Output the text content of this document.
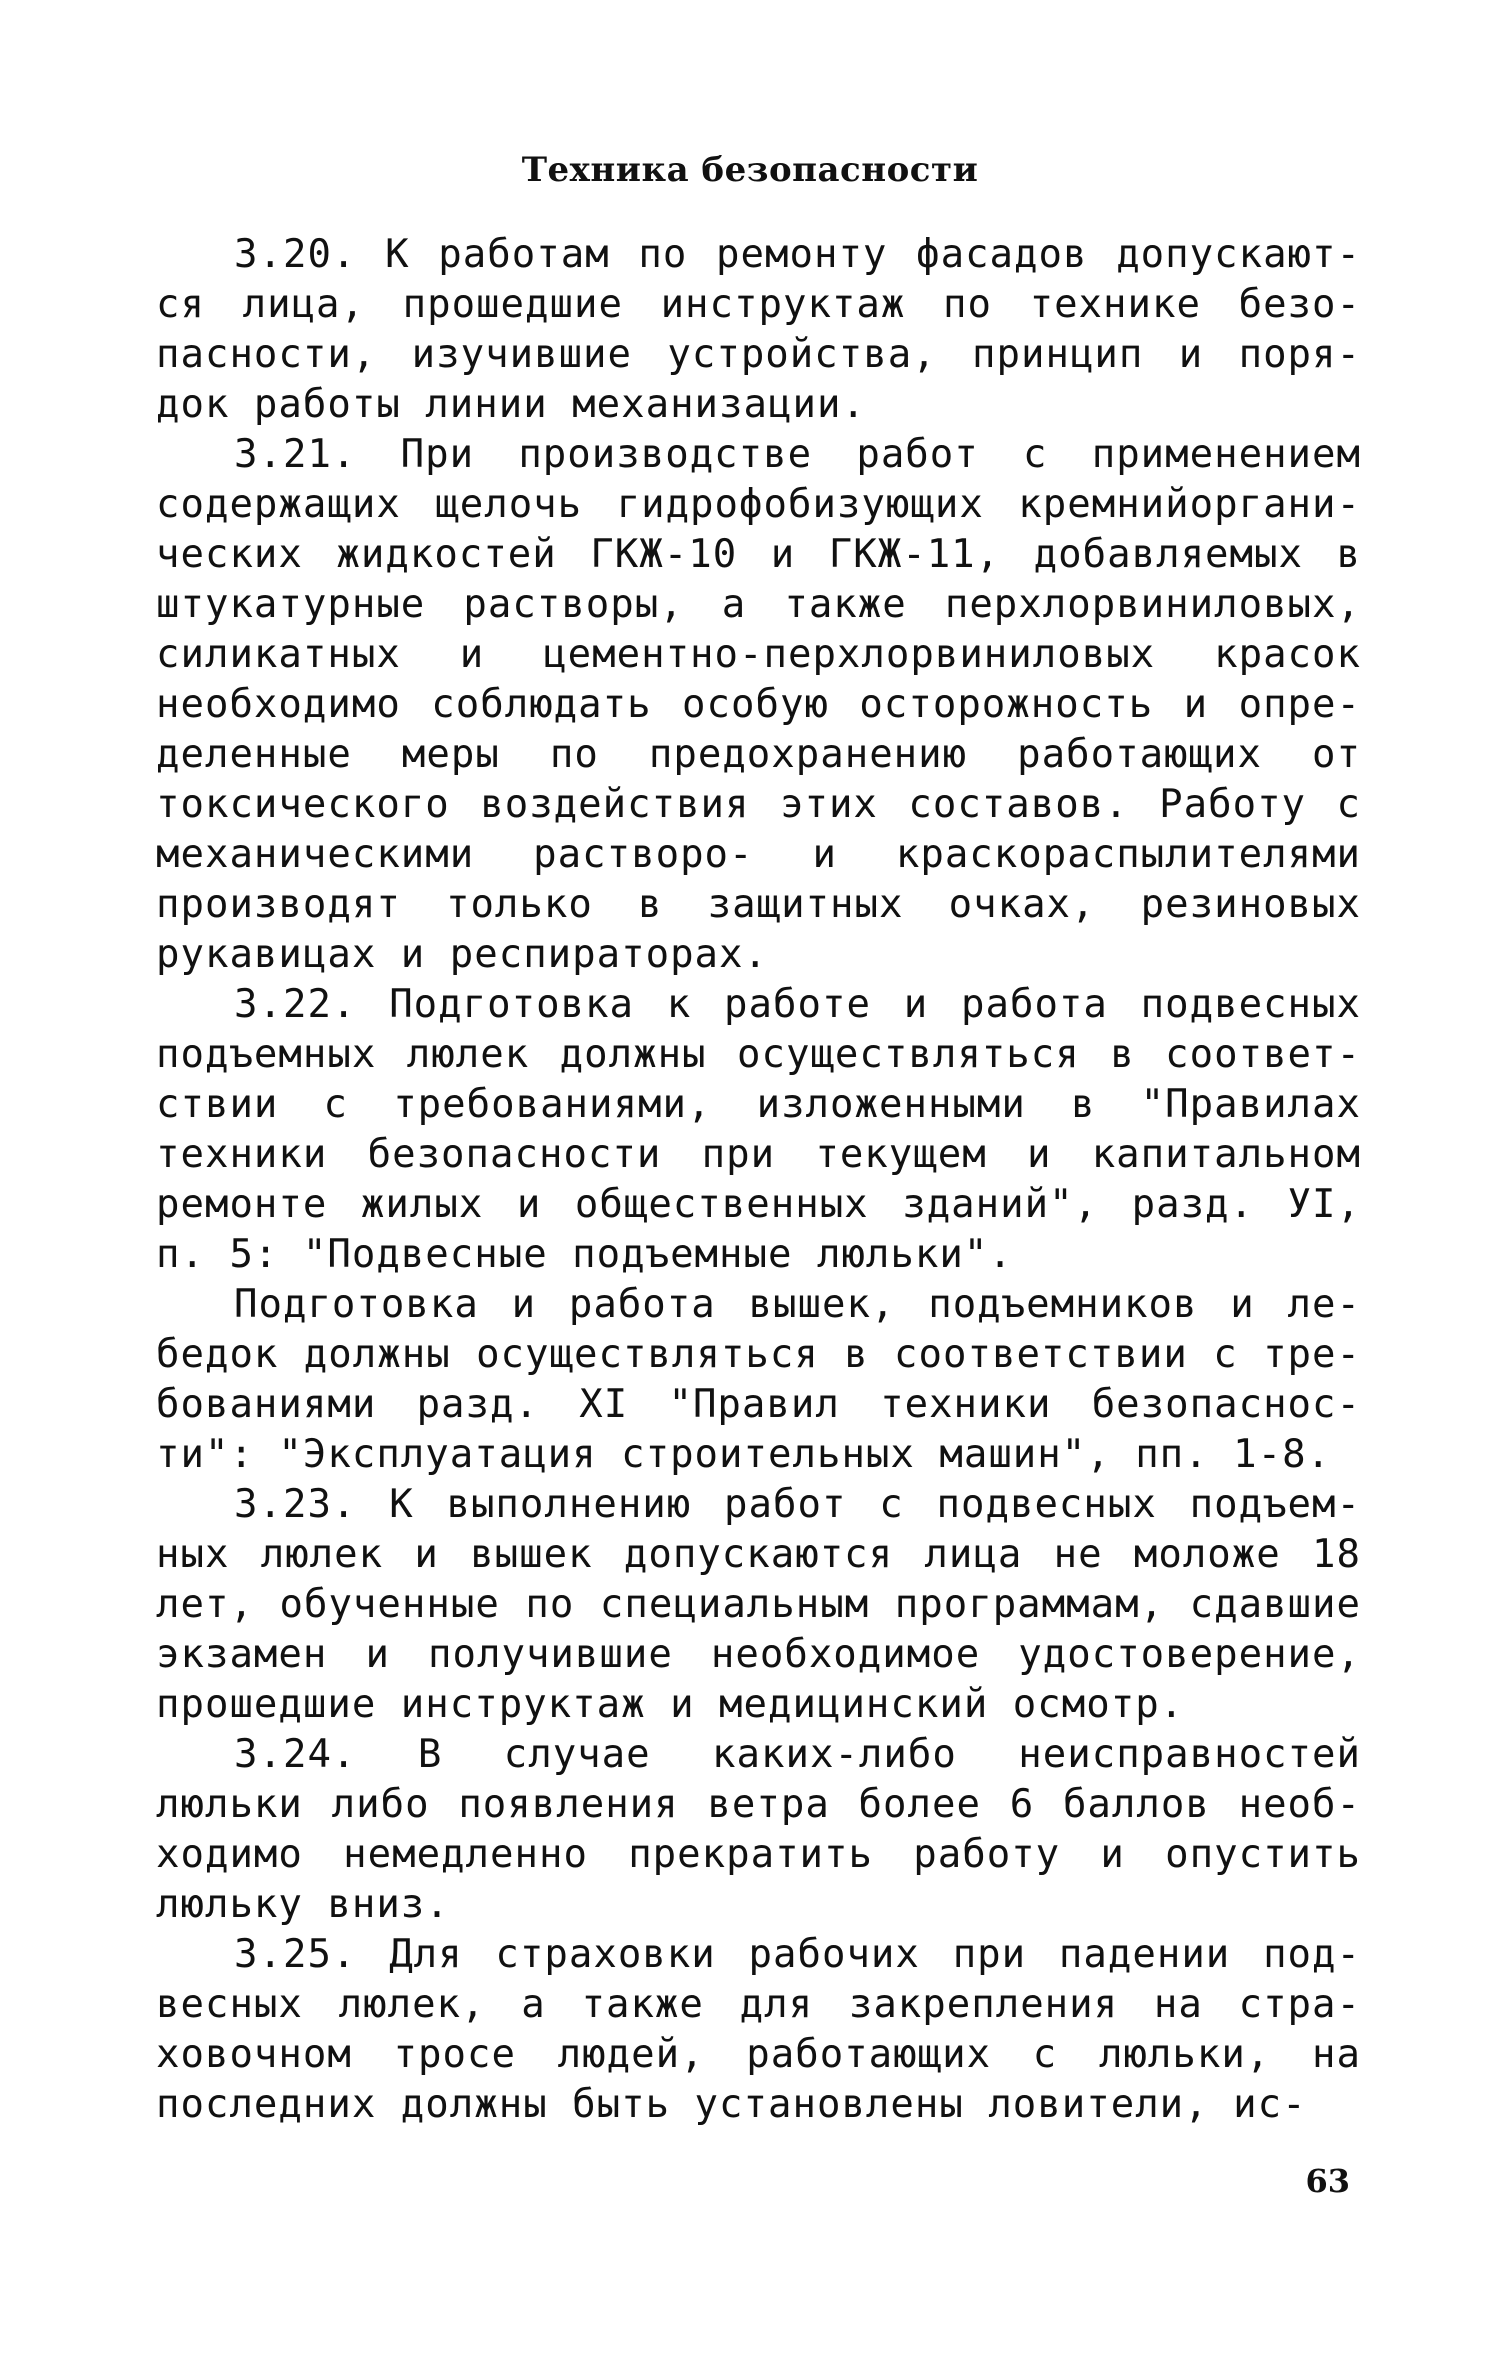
Техника безопасности

3.20. К работам по ремонту фасадов допускают-ся лица, прошедшие инструктаж по технике безо-пасности, изучившие устройства, принцип и поря-док работы линии механизации.

3.21. При производстве работ с применением содержащих щелочь гидрофобизующих кремнийоргани-ческих жидкостей ГКЖ-10 и ГКЖ-11, добавляемых в штукатурные растворы, а также перхлорвиниловых, силикатных и цементно-перхлорвиниловых красок необходимо соблюдать особую осторожность и опре-деленные меры по предохранению работающих от токсического воздействия этих составов. Работу с механическими растворо- и краскораспылителями производят только в защитных очках, резиновых рукавицах и респираторах.

3.22. Подготовка к работе и работа подвесных подъемных люлек должны осуществляться в соответ-ствии с требованиями, изложенными в "Правилах техники безопасности при текущем и капитальном ремонте жилых и общественных зданий", разд. УI, п. 5: "Подвесные подъемные люльки".

Подготовка и работа вышек, подъемников и ле-бедок должны осуществляться в соответствии с тре-бованиями разд. XI "Правил техники безопаснос-ти": "Эксплуатация строительных машин", пп. 1-8.

3.23. К выполнению работ с подвесных подъем-ных люлек и вышек допускаются лица не моложе 18 лет, обученные по специальным программам, сдавшие экзамен и получившие необходимое удостоверение, прошедшие инструктаж и медицинский осмотр.

3.24. В случае каких-либо неисправностей люльки либо появления ветра более 6 баллов необ-ходимо немедленно прекратить работу и опустить люльку вниз.

3.25. Для страховки рабочих при падении под-весных люлек, а также для закрепления на стра-ховочном тросе людей, работающих с люльки, на последних должны быть установлены ловители, ис-

63
